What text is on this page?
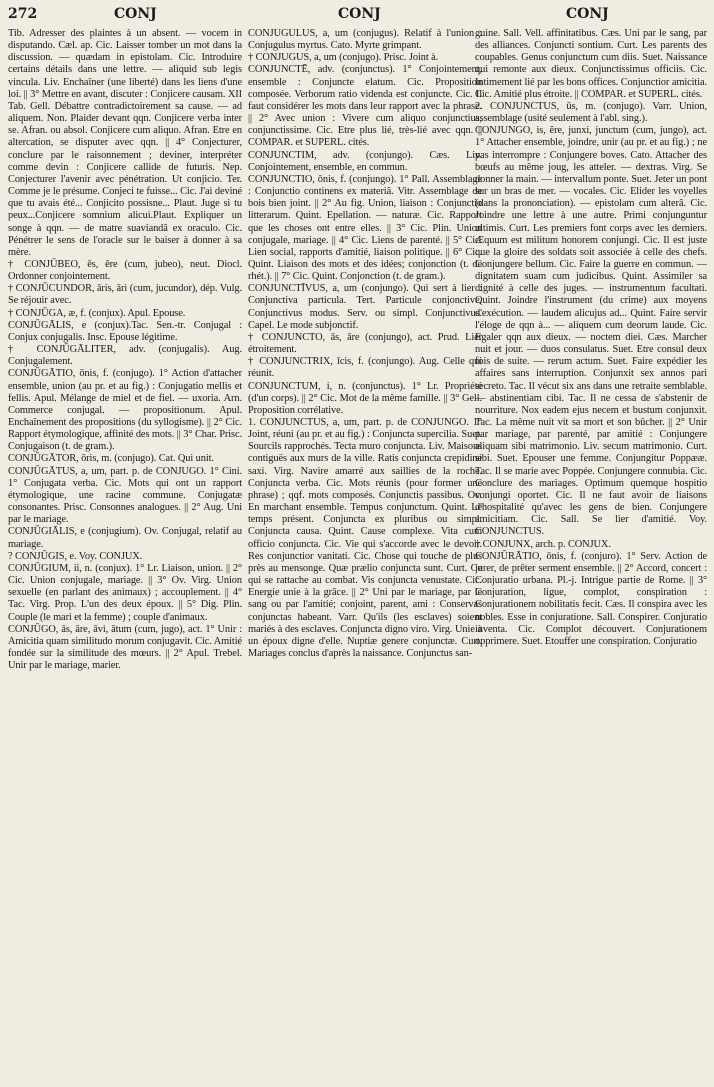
272	CONJ	CONJ	CONJ

Tib. Adresser des plaintes à un absent. — vocem in disputando. Cæl. ap. Cic. Laisser tomber un mot dans la discussion. — quædam in epistolam. Cic. Introduire certains détails dans une lettre. — aliquid sub legis vincula. Liv. Enchaîner (une liberté) dans les liens d'une loi. || 3° Mettre en avant, discuter : Conjicere causam. XII Tab. Gell. Débattre contradictoirement sa cause. — ad aliquem. Non. Plaider devant qqn. Conjicere verba inter se. Afran. ou absol. Conjicere cum aliquo. Afran. Etre en altercation, se disputer avec qqn. || 4° Conjecturer, conclure par le raisonnement ; deviner, interpréter comme devin : Conjicere callide de futuris. Nep. Conjecturer l'avenir avec pénétration. Ut conjicio. Ter. Comme je le présume. Conjeci te fuisse... Cic. J'ai deviné que tu avais été... Conjicito possisne... Plaut. Juge si tu peux...Conjicere somnium alicui.Plaut. Expliquer un songe à qqn. — de matre suaviandâ ex oraculo. Cic. Pénétrer le sens de l'oracle sur le baiser à donner à sa mère.

† CONJŪBEO, ēs, ēre (cum, jubeo), neut. Diocl. Ordonner conjointement.

† CONJŪCUNDOR, āris, āri (cum, jucundor), dép. Vulg. Se réjouir avec.

† CONJŪGA, æ, f. (conjux). Apul. Epouse.

CONJŪGĀLIS, e (conjux).Tac. Sen.-tr. Conjugal : Conjux conjugalis. Insc. Epouse légitime.

† CONJŪGĀLITER, adv. (conjugalis). Aug. Conjugalement.

CONJŪGĀTIO, ōnis, f. (conjugo). 1° Action d'attacher ensemble, union (au pr. et au fig.) : Conjugatio mellis et fellis. Apul. Mélange de miel et de fiel. — uxoria. Arn. Commerce conjugal. — propositionum. Apul. Enchaînement des propositions (du syllogisme). || 2° Cic. Rapport étymologique, affinité des mots. || 3° Char. Prisc. Conjugaison (t. de gram.).

CONJŪGĀTOR, ōris, m. (conjugo). Cat. Qui unit.

CONJŪGĀTUS, a, um, part. p. de CONJUGO. 1° Cini. 1° Conjugata verba. Cic. Mots qui ont un rapport étymologique, une racine commune. Conjugatæ consonantes. Prisc. Consonnes analogues. || 2° Aug. Uni par le mariage.

CONJŪGIĀLIS, e (conjugium). Ov. Conjugal, relatif au mariage.

? CONJŪGIS, e. Voy. CONJUX.

CONJŪGIUM, ii, n. (conjux). 1° Lr. Liaison, union. || 2° Cic. Union conjugale, mariage. || 3° Ov. Virg. Union sexuelle (en parlant des animaux) ; accouplement. || 4° Tac. Virg. Prop. L'un des deux époux. || 5° Dig. Plin. Couple (le mari et la femme) ; couple d'animaux.

CONJŪGO, ās, āre, āvi, ātum (cum, jugo), act. 1° Unir : Amicitia quam similitudo morum conjugavit. Cic. Amitié fondée sur la similitude des mœurs. || 2° Apul. Trebel. Unir par le mariage, marier.

CONJŪGŬLUS, a, um (conjugus). Relatif à l'union : Conjugulus myrtus. Cato. Myrte grimpant.

† CONJUGUS, a, um (conjugo). Prisc. Joint à.

CONJUNCTĒ, adv. (conjunctus). 1° Conjointement, ensemble : Conjuncte elatum. Cic. Proposition composée. Verborum ratio videnda est conjuncte. Cic. Il faut considérer les mots dans leur rapport avec la phrase. || 2° Avec union : Vivere cum aliquo conjunctius, conjunctissime. Cic. Etre plus lié, très-lié avec qqn. || COMPAR. et SUPERL. cités.

CONJUNCTIM, adv. (conjungo). Cæs. Liv. Conjointement, ensemble, en commun.

CONJUNCTIO, ōnis, f. (conjungo). 1° Pall. Assemblage : Conjunctio continens ex materiâ. Vitr. Assemblage de bois bien joint. || 2° Au fig. Union, liaison : Conjunctio litterarum. Quint. Epellation. — naturæ. Cic. Rapport que les choses ont entre elles. || 3° Cic. Plin. Union conjugale, mariage. || 4° Cic. Liens de parenté. || 5° Cic. Lien social, rapports d'amitié, liaison politique. || 6° Cic. Quint. Liaison des mots et des idées; conjonction (t. de rhét.). || 7° Cic. Quint. Conjonction (t. de gram.).

CONJUNCTĪVUS, a, um (conjungo). Qui sert à lier : Conjunctiva particula. Tert. Particule conjonctive. Conjunctivus modus. Serv. ou simpl. Conjunctivus. Capel. Le mode subjonctif.

† CONJUNCTO, ās, āre (conjungo), act. Prud. Lier étroitement.

† CONJUNCTRIX, īcis, f. (conjungo). Aug. Celle qui réunit.

CONJUNCTUM, i, n. (conjunctus). 1° Lr. Propriété (d'un corps). || 2° Cic. Mot de la même famille. || 3° Gell. Proposition corrélative.

1. CONJUNCTUS, a, um, part. p. de CONJUNGO. 1° Joint, réuni (au pr. et au fig.) : Conjuncta supercilia. Suet. Sourcils rapprochés. Tecta muro conjuncta. Liv. Maisons contiguës aux murs de la ville. Ratis conjuncta crepidine saxi. Virg. Navire amarré aux saillies de la roche. Conjuncta verba. Cic. Mots réunis (pour former une phrase) ; qqf. mots composés. Conjunctis passibus. Ov. En marchant ensemble. Tempus conjunctum. Quint. Le temps présent. Conjuncta ex pluribus ou simpl. Conjuncta causa. Quint. Cause complexe. Vita cum officio conjuncta. Cic. Vie qui s'accorde avec le devoir. Res conjunctior vanitati. Cic. Chose qui touche de plus près au mensonge. Quæ prælio conjuncta sunt. Curt. Ce qui se rattache au combat. Vis conjuncta venustate. Cic. Energie unie à la grâce. || 2° Uni par le mariage, par le sang ou par l'amitié; conjoint, parent, ami : Conservas conjunctas habeant. Varr. Qu'ils (les esclaves) soient mariés à des esclaves. Conjuncta digno viro. Virg. Unie à un époux digne d'elle. Nuptiæ genere conjunctæ. Curt. Mariages conclus d'après la naissance. Conjunctus san-

guine. Sall. Vell. affinitatibus. Cæs. Uni par le sang, par des alliances. Conjuncti sontium. Curt. Les parents des coupables. Genus conjunctum cum diis. Suet. Naissance qui remonte aux dieux. Conjunctissimus officiis. Cic. Intimement lié par les bons offices. Conjunctior amicitia. Cic. Amitié plus étroite. || COMPAR. et SUPERL. cités.

2. CONJUNCTUS, ūs, m. (conjugo). Varr. Union, assemblage (usité seulement à l'abl. sing.).

CONJUNGO, is, ĕre, junxi, junctum (cum, jungo), act. 1° Attacher ensemble, joindre, unir (au pr. et au fig.) ; ne pas interrompre : Conjungere boves. Cato. Attacher des bœufs au même joug, les atteler. — dextras. Virg. Se donner la main. — intervallum ponte. Suet. Jeter un pont sur un bras de mer. — vocales. Cic. Elider les voyelles (dans la prononciation). — epistolam cum alterâ. Cic. Joindre une lettre à une autre. Primi conjunguntur ultimis. Curt. Les premiers font corps avec les derniers. Æquum est militum honorem conjungi. Cic. Il est juste que la gloire des soldats soit associée à celle des chefs. Conjungere bellum. Cic. Faire la guerre en commun. — dignitatem suam cum judicibus. Quint. Assimiler sa dignité à celle des juges. — instrumentum facultati. Quint. Joindre l'instrument (du crime) aux moyens d'exécution. — laudem alicujus ad... Quint. Faire servir l'éloge de qqn à... — aliquem cum deorum laude. Cic. Egaler qqn aux dieux. — noctem diei. Cæs. Marcher nuit et jour. — duos consulatus. Suet. Etre consul deux fois de suite. — rerum actum. Suet. Faire expédier les affaires sans interruption. Conjunxit sex annos pari secreto. Tac. Il vécut six ans dans une retraite semblable. — abstinentiam cibi. Tac. Il ne cessa de s'abstenir de nourriture. Nox eadem ejus necem et bustum conjunxit. Tac. La même nuit vit sa mort et son bûcher. || 2° Unir par mariage, par parenté, par amitié : Conjungere aliquam sibi matrimonio. Liv. secum matrimonio. Curt. sibi. Suet. Epouser une femme. Conjungitur Poppææ. Tac. Il se marie avec Poppée. Conjungere connubia. Cic. Conclure des mariages. Optimum quemque hospitio conjungi oportet. Cic. Il ne faut avoir de liaisons d'hospitalité qu'avec les gens de bien. Conjungere amicitiam. Cic. Sall. Se lier d'amitié. Voy. CONJUNCTUS.

† CONJUNX, arch. p. CONJUX.

CONJŪRĀTIO, ōnis, f. (conjuro). 1° Serv. Action de jurer, de prêter serment ensemble. || 2° Accord, concert : Conjuratio urbana. Pl.-j. Intrigue partie de Rome. || 3° Conjuration, ligue, complot, conspiration : Conjurationem nobilitatis fecit. Cæs. Il conspira avec les nobles. Esse in conjuratione. Sall. Conspirer. Conjuratio inventa. Cic. Complot découvert. Conjurationem opprimere. Suet. Etouffer une conspiration. Conjuratio
